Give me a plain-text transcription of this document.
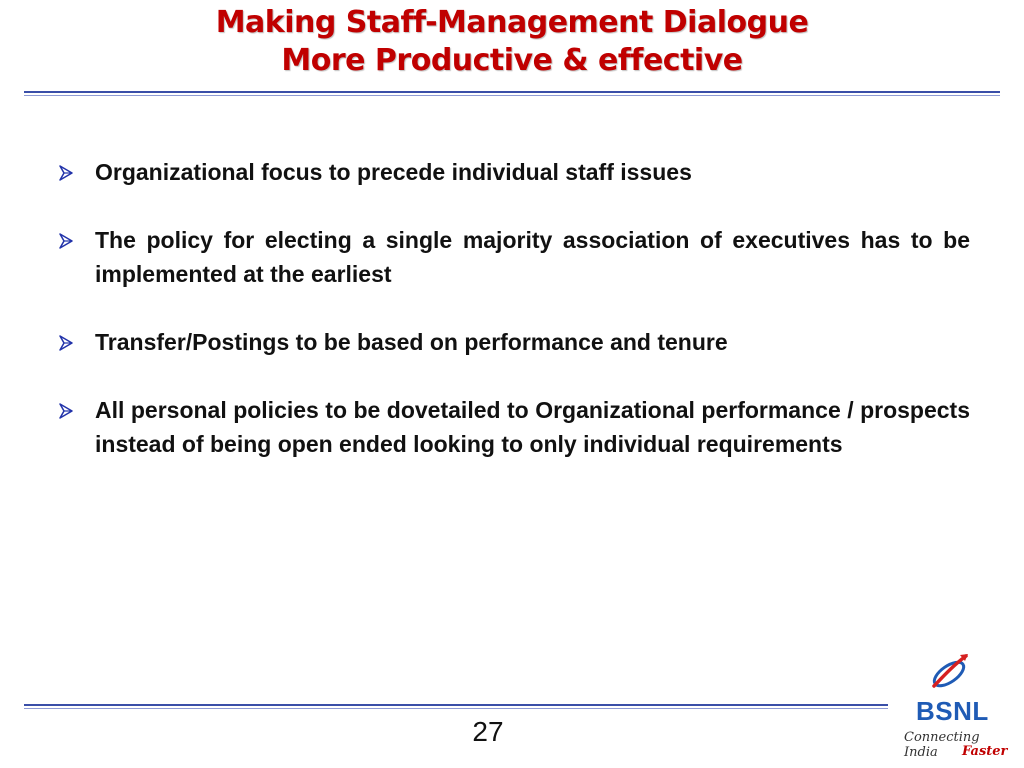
Making Staff-Management Dialogue
More Productive & effective
Organizational focus to precede individual staff issues
The policy for electing a single majority association of executives has to be implemented at the earliest
Transfer/Postings to be based on performance and tenure
All personal policies to be dovetailed to Organizational performance / prospects instead of being open ended looking to only individual requirements
27
BSNL
Connecting India	Faster
